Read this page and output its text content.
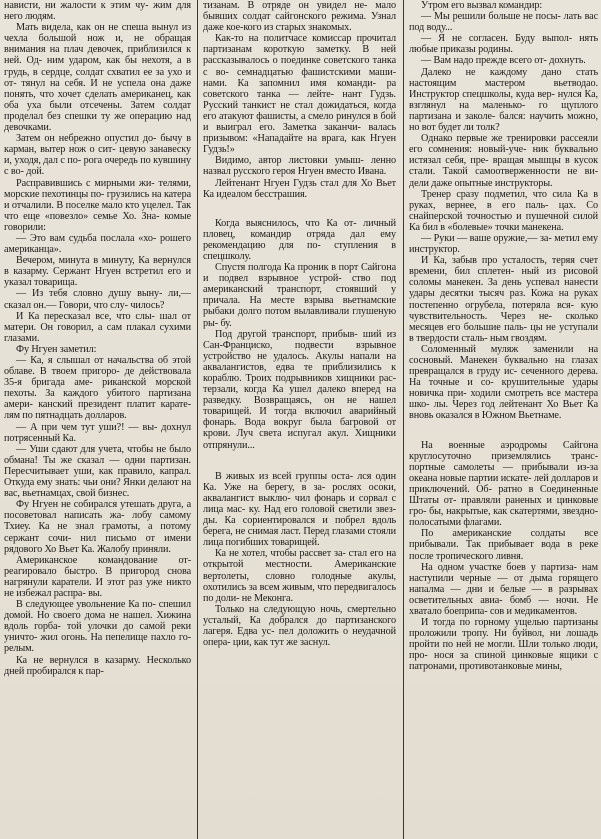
нависти, ни жалости к этим чу- жим для него людям.

Мать видела, как он не спеша вынул из чехла большой нож и, не обращая внимания на плач девочек, приблизился к ней. Од- ним ударом, как бы нехотя, а в грудь, в сердце, солдат схватил ее за ухо и от- тянул на себя. И не успела она даже понять, что хочет сделать американец, как оба уха были отсечены. Затем солдат проделал без спешки ту же операцию над девочками.

Затем он небрежно опустил до- бычу в карман, вытер нож о сит- цевую занавеску и, уходя, дал с по- рога очередь по кувшину с во- дой.

Расправившись с мирными жи- телями, морские пехотинцы по- грузились на катера и отчалили. В поселке мало кто уцелел. Так что еще «повезло» семье Хо. Зна- комые говорили:

— Это вам судьба послала «хо- рошего американца».

Вечером, минута в минуту, Ка вернулся в казарму. Сержант Нгуен встретил его и указал товарища.

— Из тебя словно душу выну- ли,— сказал он.— Говори, что слу- чилось?

И Ка пересказал все, что слы- шал от матери. Он говорил, а сам плакал сухими глазами.

Фу Нгуен заметил:

— Ка, я слышал от начальства об этой облаве. В твоем пригоро- де действовала 35-я бригада аме- риканской морской пехоты. За каждого убитого партизана амери- канский президент платит карате- лям по пятнадцать долларов.

— А при чем тут уши?! — вы- дохнул потрясенный Ка.

— Уши сдают для учета, чтобы не было обмана! Ты же сказал — одни партизан. Пересчитывает уши, как правило, капрал. Откуда ему знать: чьи они? Янки делают на вас, вьетнамцах, свой бизнес.

Фу Нгуен не собирался утешать друга, а посоветовал написать жа- лобу самому Тхиеу. Ка не знал грамоты, а потому сержант сочи- нил письмо от имени рядового Хо Вьет Ка. Жалобу приняли.

Американское командование от- реагировало быстро. В пригород снова нагрянули каратели. И этот раз уже никто не избежал распра- вы.

В следующее увольнение Ка по- спешил домой. Но своего дома не нашел. Хижина вдоль горба- той улочки до самой реки уничто- жил огонь. На пепелище пахло го- релым.

Ка не вернулся в казарму. Несколько дней пробирался к пар-

тизанам. В отряде он увидел не- мало бывших солдат сайгонского режима. Узнал даже кое-кого из старых знакомых.

Как-то на политчасе комиссар прочитал партизанам короткую заметку. В ней рассказывалось о поединке советского танка с во- семнадцатью фашистскими маши- нами. Ка запомнил имя команди- ра советского танка — лейте- нант Гудзь. Русский танкист не стал дожидаться, когда его атакуют фашисты, а смело ринулся в бой и выиграл его. Заметка заканчи- валась призывом: «Нападайте на врага, как Нгуен Гудзь!»

Видимо, автор листовки умыш- ленно назвал русского героя Нгуен вместо Ивана.

Лейтенант Нгуен Гудзь стал для Хо Вьет Ка идеалом бесстрашия.

Когда выяснилось, что Ка от- личный пловец, командир отряда дал ему рекомендацию для по- ступления в спецшколу.

Спустя полгода Ка проник в порт Сайгона и подвел взрывное устрой- ство под американский транспорт, стоявший у причала. На месте взрыва вьетнамские рыбаки долго потом вылавливали глушеную ры- бу.

Под другой транспорт, прибыв- ший из Сан-Франциско, подвести взрывное устройство не удалось. Акулы напали на аквалангистов, едва те приблизились к кораблю. Троих подрывников хищники рас- терзали, когда Ка ушел далеко вперед на разведку. Возвращаясь, он не нашел товарищей. И тогда включил аварийный фонарь. Вода вокруг была багровой от крови. Луч света испугал акул. Хищники отпрянули...

В живых из всей группы оста- лся один Ка. Уже на берегу, в за- рослях осоки, аквалангист выклю- чил фонарь и сорвал с лица мас- ку. Над его головой светили звез- ды. Ка сориентировался и побрел вдоль берега, не снимая ласт. Перед глазами стояли лица погибших товарищей.

Ка не хотел, чтобы рассвет за- стал его на открытой местности. Американские вертолеты, словно голодные акулы, охотились за всем живым, что передвигалось по доли- не Меконга.

Только на следующую ночь, смертельно усталый, Ка добрался до партизанского лагеря. Едва ус- пел доложить о неудачной опера- ции, как тут же заснул.

Утром его вызвал командир:

— Мы решили больше не посы- лать вас под воду...

— Я не согласен. Буду выпол- нять любые приказы родины.

— Вам надо прежде всего от- дохнуть.

Далеко не каждому дано стать настоящим мастером вьетводао. Инструктор спецшколы, куда вер- нулся Ка, взглянул на маленько- го щуплого партизана и заколе- бался: научить можно, но вот будет ли толк?

Однако первые же тренировки рассеяли его сомнения: новый-уче- ник буквально истязал себя, пре- вращая мышцы в кусок стали. Такой самоотверженности не ви- дели даже опытные инструкторы.

Тренер сразу подметил, что сила Ка в руках, вернее, в его паль- цах. Со снайперской точностью и пушечной силой Ка бил в «болевые» точки манекена.

— Руки — ваше оружие,— за- метил ему инструктор.

И Ка, забыв про усталость, теряя счет времени, бил сплетен- ный из рисовой соломы манекен. За день успевал нанести удары десятки тысяч раз. Кожа на руках постепенно огрубела, потеряла вся- кую чувствительность. Через не- сколько месяцев его большие паль- цы не уступали в твердости сталь- ным гвоздям.

Соломенный муляж заменили на сосновый. Манекен буквально на глазах превращался в груду ис- сеченного дерева. На точные и со- крушительные удары новичка при- ходили смотреть все мастера шко- лы. Через год лейтенант Хо Вьет Ка вновь оказался в Южном Вьетнаме.

На военные аэродромы Сайгона круглосуточно приземлялись транс- портные самолеты — прибывали из-за океана новые партии искате- лей долларов и приключений. Об- ратно в Соединенные Штаты от- правляли раненых и цинковые гро- бы, накрытые, как скатертями, звездно-полосатыми флагами.

По американские солдаты все прибывали. Так прибывает вода в реке после тропического ливня.

На одном участке боев у партиза- нам наступили черные — от дыма горящего напалма — дни и белые — в разрывах осветительных авиа- бомб — ночи. Не хватало боеприпа- сов и медикаментов.

И тогда по горному ущелью партизаны проложили тропу. Ни буйвол, ни лошадь пройти по ней не могли. Шли только люди, про- нося за спиной цинковые ящики с патронами, противотанковые мины,
